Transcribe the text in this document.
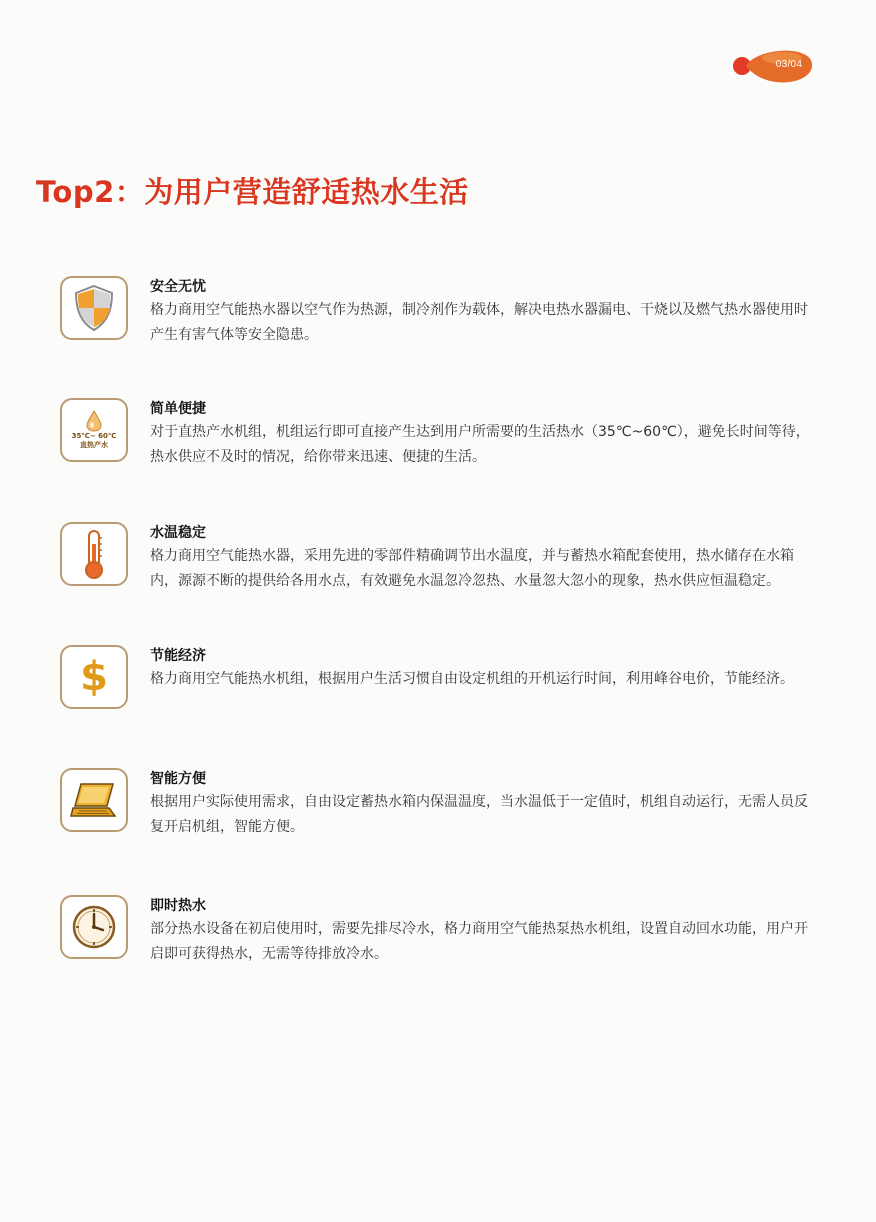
03/04
Top2：为用户营造舒适热水生活

安全无忧

格力商用空气能热水器以空气作为热源，制冷剂作为载体，解决电热水器漏电、干烧以及燃气热水器使用时产生有害气体等安全隐患。

35℃~ 60℃
直热产水

简单便捷

对于直热产水机组，机组运行即可直接产生达到用户所需要的生活热水（35℃~60℃），避免长时间等待，热水供应不及时的情况，给你带来迅速、便捷的生活。

水温稳定

格力商用空气能热水器，采用先进的零部件精确调节出水温度，并与蓄热水箱配套使用，热水储存在水箱内，源源不断的提供给各用水点，有效避免水温忽冷忽热、水量忽大忽小的现象，热水供应恒温稳定。

$	节能经济

格力商用空气能热水机组，根据用户生活习惯自由设定机组的开机运行时间，利用峰谷电价，节能经济。

智能方便

根据用户实际使用需求，自由设定蓄热水箱内保温温度，当水温低于一定值时，机组自动运行，无需人员反复开启机组，智能方便。

即时热水

部分热水设备在初启使用时，需要先排尽冷水，格力商用空气能热泵热水机组，设置自动回水功能，用户开启即可获得热水，无需等待排放冷水。
